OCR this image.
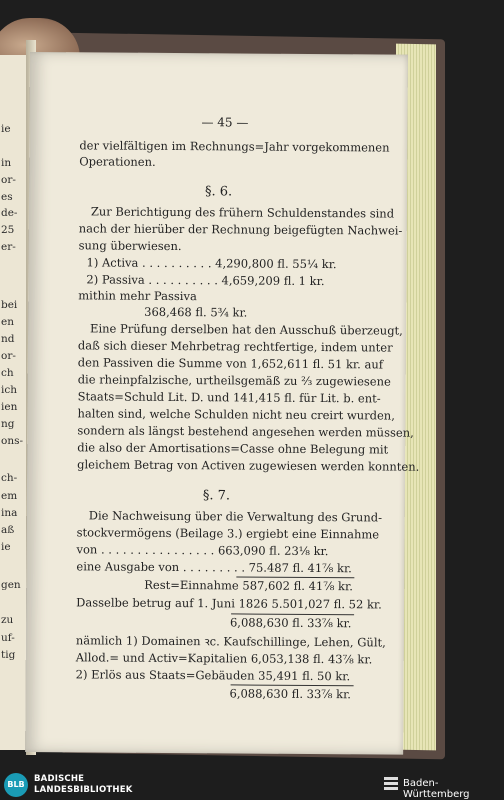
ie
in
or-
es
de-
25
er-
bei
en
nd
or-
ch
ich
ien
ng
ons-
ch-
em
ina
aß
ie
gen
zu
uf-
tig
— 45 —
der vielfältigen im Rechnungs=Jahr vorgekommenen
Operationen.
§. 6.
Zur Berichtigung des frühern Schuldenstandes sind
nach der hierüber der Rechnung beigefügten Nachwei-
sung überwiesen.
1) Activa . . . . . . . . . . 4,290,800 fl. 55¼ kr.
2) Passiva . . . . . . . . . . 4,659,209 fl. 1 kr.
mithin mehr Passiva
368,468 fl. 5¾ kr.
Eine Prüfung derselben hat den Ausschuß überzeugt,
daß sich dieser Mehrbetrag rechtfertige, indem unter
den Passiven die Summe von 1,652,611 fl. 51 kr. auf
die rheinpfalzische, urtheilsgemäß zu ⅔ zugewiesene
Staats=Schuld Lit. D. und 141,415 fl. für Lit. b. ent-
halten sind, welche Schulden nicht neu creirt wurden,
sondern als längst bestehend angesehen werden müssen,
die also der Amortisations=Casse ohne Belegung mit
gleichem Betrag von Activen zugewiesen werden konnten.
§. 7.
Die Nachweisung über die Verwaltung des Grund-
stockvermögens (Beilage 3.) ergiebt eine Einnahme
von . . . . . . . . . . . . . . . . 663,090 fl. 23⅛ kr.
eine Ausgabe von . . . . . . . . . 75.487 fl. 41⅞ kr.
Rest=Einnahme 587,602 fl. 41⅞ kr.
Dasselbe betrug auf 1. Juni 1826 5.501,027 fl. 52 kr.
6,088,630 fl. 33⅞ kr.
nämlich 1) Domainen ꝛc. Kaufschillinge, Lehen, Gült,
Allod.= und Activ=Kapitalien 6,053,138 fl. 43⅞ kr.
2) Erlös aus Staats=Gebäuden 35,491 fl. 50 kr.
6,088,630 fl. 33⅞ kr.
BLB
BADISCHE
LANDESBIBLIOTHEK
Baden-Württemberg
